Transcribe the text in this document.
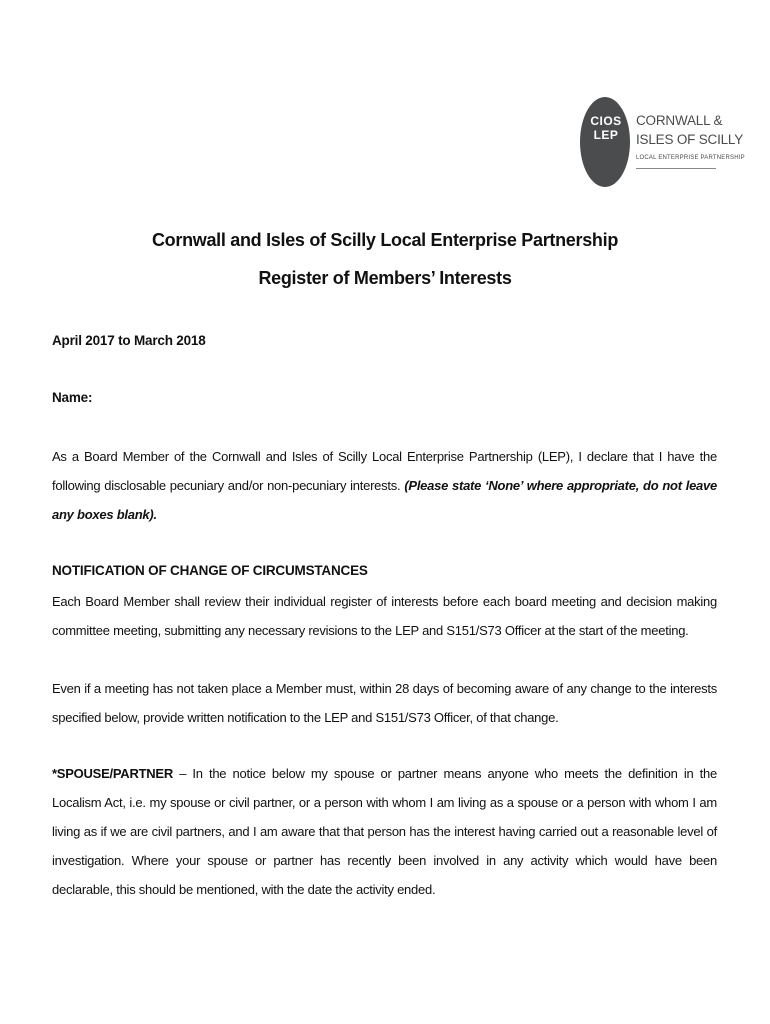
CIOS
LEP
CORNWALL &
ISLES OF SCILLY
LOCAL ENTERPRISE PARTNERSHIP
Cornwall and Isles of Scilly Local Enterprise Partnership
Register of Members’ Interests
April 2017 to March 2018
Name:
As a Board Member of the Cornwall and Isles of Scilly Local Enterprise Partnership (LEP), I declare that I have the following disclosable pecuniary and/or non-pecuniary interests. (Please state ‘None’ where appropriate, do not leave any boxes blank).
NOTIFICATION OF CHANGE OF CIRCUMSTANCES
Each Board Member shall review their individual register of interests before each board meeting and decision making committee meeting, submitting any necessary revisions to the LEP and S151/S73 Officer at the start of the meeting.
Even if a meeting has not taken place a Member must, within 28 days of becoming aware of any change to the interests specified below, provide written notification to the LEP and S151/S73 Officer, of that change.
*SPOUSE/PARTNER – In the notice below my spouse or partner means anyone who meets the definition in the Localism Act, i.e. my spouse or civil partner, or a person with whom I am living as a spouse or a person with whom I am living as if we are civil partners, and I am aware that that person has the interest having carried out a reasonable level of investigation. Where your spouse or partner has recently been involved in any activity which would have been declarable, this should be mentioned, with the date the activity ended.
